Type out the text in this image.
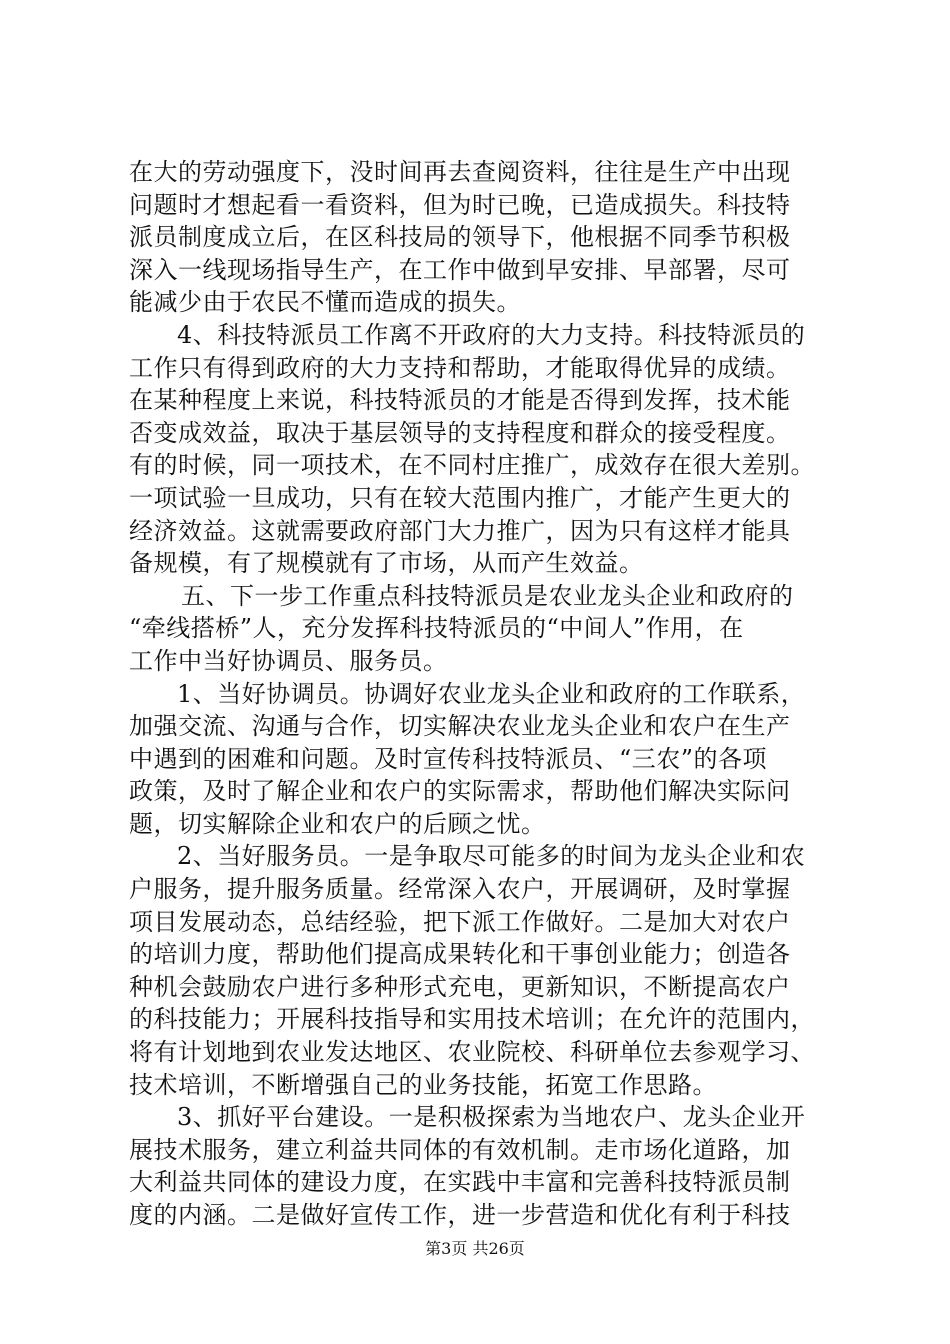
在大的劳动强度下，没时间再去查阅资料，往往是生产中出现
问题时才想起看一看资料，但为时已晚，已造成损失。科技特
派员制度成立后，在区科技局的领导下，他根据不同季节积极
深入一线现场指导生产，在工作中做到早安排、早部署，尽可
能减少由于农民不懂而造成的损失。
4、科技特派员工作离不开政府的大力支持。科技特派员的
工作只有得到政府的大力支持和帮助，才能取得优异的成绩。
在某种程度上来说，科技特派员的才能是否得到发挥，技术能
否变成效益，取决于基层领导的支持程度和群众的接受程度。
有的时候，同一项技术，在不同村庄推广，成效存在很大差别。
一项试验一旦成功，只有在较大范围内推广，才能产生更大的
经济效益。这就需要政府部门大力推广，因为只有这样才能具
备规模，有了规模就有了市场，从而产生效益。
五、下一步工作重点科技特派员是农业龙头企业和政府的
“牵线搭桥”人，充分发挥科技特派员的“中间人”作用，在
工作中当好协调员、服务员。
1、当好协调员。协调好农业龙头企业和政府的工作联系，
加强交流、沟通与合作，切实解决农业龙头企业和农户在生产
中遇到的困难和问题。及时宣传科技特派员、“三农”的各项
政策，及时了解企业和农户的实际需求，帮助他们解决实际问
题，切实解除企业和农户的后顾之忧。
2、当好服务员。一是争取尽可能多的时间为龙头企业和农
户服务，提升服务质量。经常深入农户，开展调研，及时掌握
项目发展动态，总结经验，把下派工作做好。二是加大对农户
的培训力度，帮助他们提高成果转化和干事创业能力；创造各
种机会鼓励农户进行多种形式充电，更新知识，不断提高农户
的科技能力；开展科技指导和实用技术培训；在允许的范围内，
将有计划地到农业发达地区、农业院校、科研单位去参观学习、
技术培训，不断增强自己的业务技能，拓宽工作思路。
3、抓好平台建设。一是积极探索为当地农户、龙头企业开
展技术服务，建立利益共同体的有效机制。走市场化道路，加
大利益共同体的建设力度，在实践中丰富和完善科技特派员制
度的内涵。二是做好宣传工作，进一步营造和优化有利于科技
第3页 共26页
